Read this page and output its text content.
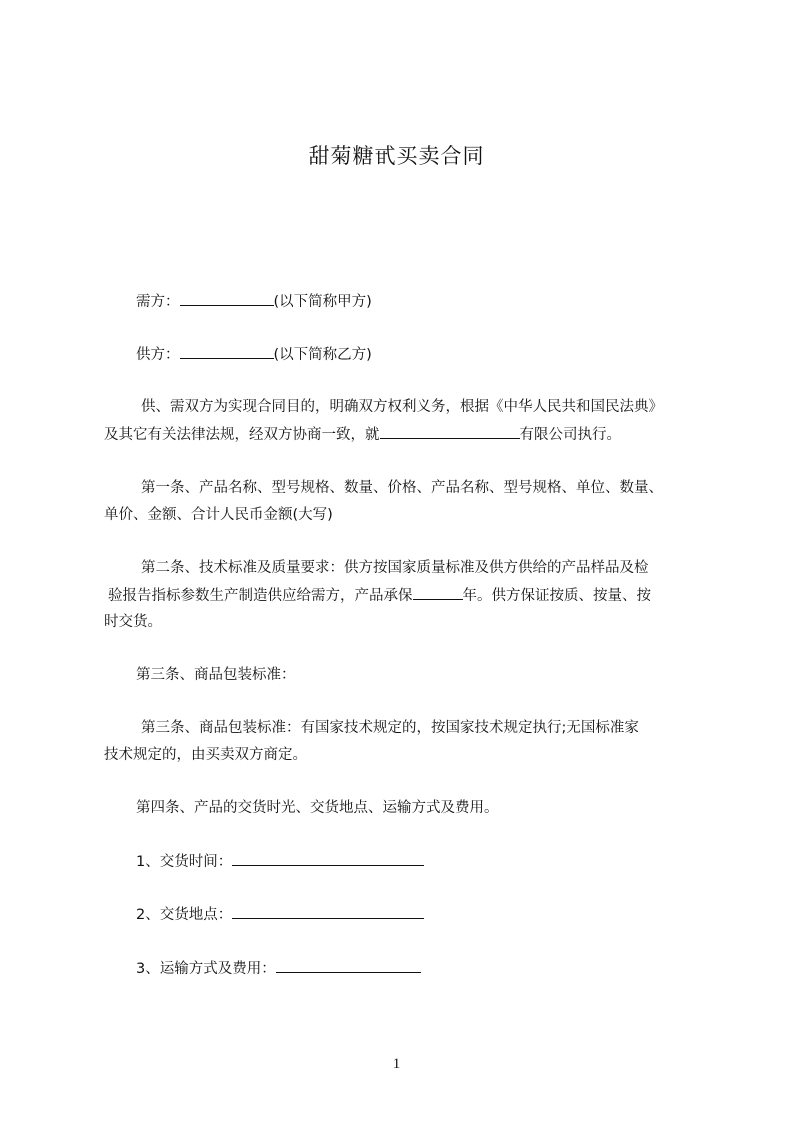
甜菊糖甙买卖合同
需方：	(以下简称甲方)
供方：	(以下简称乙方)
供、需双方为实现合同目的，明确双方权利义务，根据《中华人民共和国民法典》
及其它有关法律法规，经双方协商一致，就	有限公司执行。
第一条、产品名称、型号规格、数量、价格、产品名称、型号规格、单位、数量、
单价、金额、合计人民币金额(大写)
第二条、技术标准及质量要求：供方按国家质量标准及供方供给的产品样品及检
验报告指标参数生产制造供应给需方，产品承保	年。供方保证按质、按量、按
时交货。
第三条、商品包装标准：
第三条、商品包装标准：有国家技术规定的，按国家技术规定执行;无国标准家
技术规定的，由买卖双方商定。
第四条、产品的交货时光、交货地点、运输方式及费用。
1、交货时间：
2、交货地点：
3、运输方式及费用：
1
